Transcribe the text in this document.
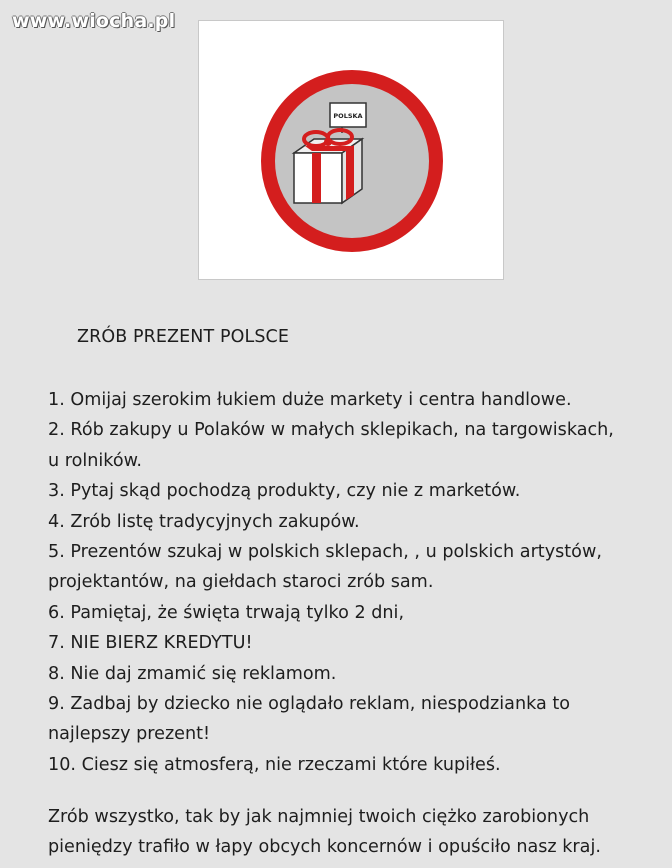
www.wiocha.pl
POLSKA
ZRÓB PREZENT POLSCE
1. Omijaj szerokim łukiem duże markety i centra handlowe.
2. Rób zakupy u Polaków w małych sklepikach, na targowiskach,
u rolników.
3. Pytaj skąd pochodzą produkty, czy nie z marketów.
4. Zrób listę tradycyjnych zakupów.
5. Prezentów szukaj w polskich sklepach, , u polskich artystów,
projektantów, na giełdach staroci zrób sam.
6. Pamiętaj, że święta trwają tylko 2 dni,
7. NIE BIERZ KREDYTU!
8. Nie daj zmamić się reklamom.
9. Zadbaj by dziecko nie oglądało reklam, niespodzianka to
najlepszy prezent!
10. Ciesz się atmosferą, nie rzeczami które kupiłeś.
Zrób wszystko, tak by jak najmniej twoich ciężko zarobionych
pieniędzy trafiło w łapy obcych koncernów i opuściło nasz kraj.
